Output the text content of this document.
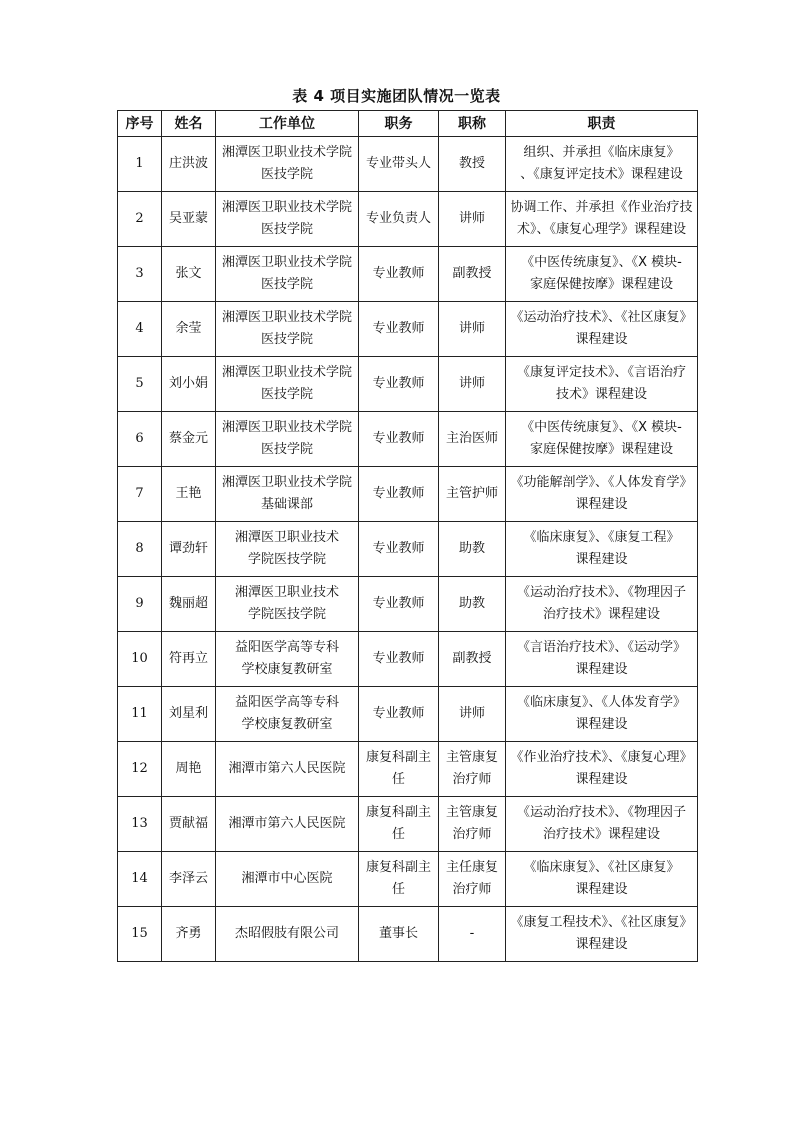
表 4 项目实施团队情况一览表
序号	姓名	工作单位	职务	职称	职责
1	庄洪波	湘潭医卫职业技术学院
医技学院	专业带头人	教授	组织、并承担《临床康复》
、《康复评定技术》课程建设

2	吴亚蒙	湘潭医卫职业技术学院
医技学院	专业负责人	讲师	协调工作、并承担《作业治疗技
术》、《康复心理学》课程建设

3	张文	湘潭医卫职业技术学院
医技学院	专业教师	副教授	《中医传统康复》、《X 模块-
家庭保健按摩》课程建设

4	余莹	湘潭医卫职业技术学院
医技学院	专业教师	讲师	《运动治疗技术》、《社区康复》
课程建设

5	刘小娟	湘潭医卫职业技术学院
医技学院	专业教师	讲师	《康复评定技术》、《言语治疗
技术》课程建设

6	蔡金元	湘潭医卫职业技术学院
医技学院	专业教师	主治医师	《中医传统康复》、《X 模块-
家庭保健按摩》课程建设

7	王艳	湘潭医卫职业技术学院
基础课部	专业教师	主管护师	《功能解剖学》、《人体发育学》
课程建设

8	谭劲轩	湘潭医卫职业技术
学院医技学院	专业教师	助教	《临床康复》、《康复工程》
课程建设

9	魏丽超	湘潭医卫职业技术
学院医技学院	专业教师	助教	《运动治疗技术》、《物理因子
治疗技术》课程建设

10	符再立	益阳医学高等专科
学校康复教研室	专业教师	副教授	《言语治疗技术》、《运动学》
课程建设

11	刘星利	益阳医学高等专科
学校康复教研室	专业教师	讲师	《临床康复》、《人体发育学》
课程建设

12	周艳	湘潭市第六人民医院	康复科副主
任	主管康复
治疗师	《作业治疗技术》、《康复心理》
课程建设

13	贾献福	湘潭市第六人民医院	康复科副主
任	主管康复
治疗师	《运动治疗技术》、《物理因子
治疗技术》课程建设

14	李泽云	湘潭市中心医院	康复科副主
任	主任康复
治疗师	《临床康复》、《社区康复》
课程建设

15	齐勇	杰昭假肢有限公司	董事长	-	《康复工程技术》、《社区康复》
课程建设
